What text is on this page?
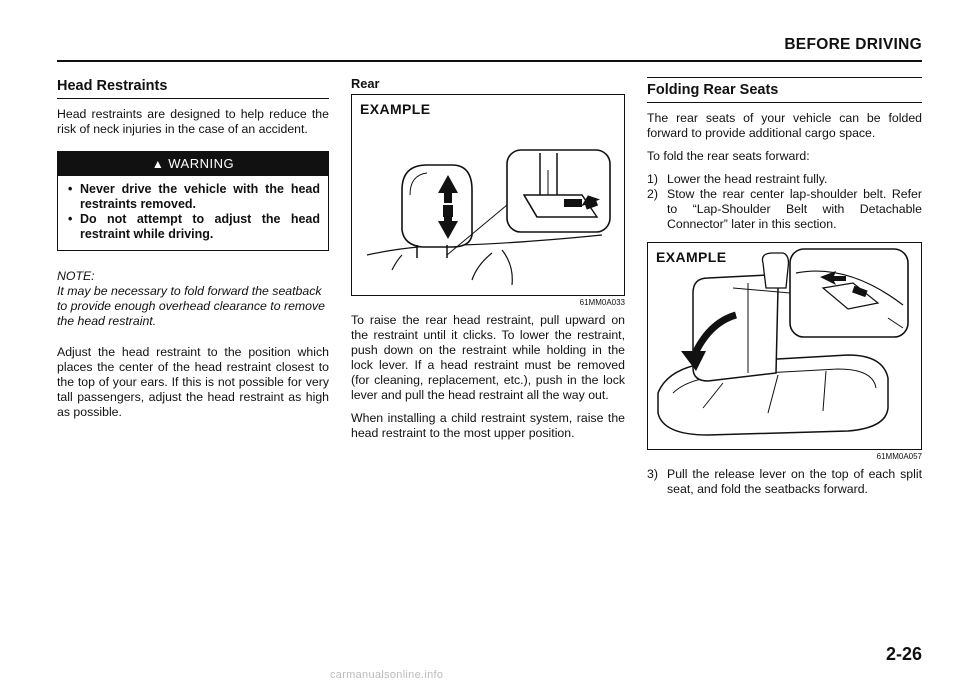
BEFORE DRIVING
Head Restraints

Head restraints are designed to help reduce the risk of neck injuries in the case of an accident.

▲ WARNING
• Never drive the vehicle with the head restraints removed.
• Do not attempt to adjust the head restraint while driving.

NOTE:

It may be necessary to fold forward the seatback to provide enough overhead clearance to remove the head restraint.

Adjust the head restraint to the position which places the center of the head restraint closest to the top of your ears. If this is not possible for very tall passengers, adjust the head restraint as high as possible.

Rear
EXAMPLE
61MM0A033

To raise the rear head restraint, pull upward on the restraint until it clicks. To lower the restraint, push down on the restraint while holding in the lock lever. If a head restraint must be removed (for cleaning, replacement, etc.), push in the lock lever and pull the head restraint all the way out.

When installing a child restraint system, raise the head restraint to the most upper position.

Folding Rear Seats

The rear seats of your vehicle can be folded forward to provide additional cargo space.

To fold the rear seats forward:

1) Lower the head restraint fully.
2) Stow the rear center lap-shoulder belt. Refer to “Lap-Shoulder Belt with Detachable Connector” later in this section.
EXAMPLE
61MM0A057
3) Pull the release lever on the top of each split seat, and fold the seatbacks forward.
2-26
carmanualsonline.info
